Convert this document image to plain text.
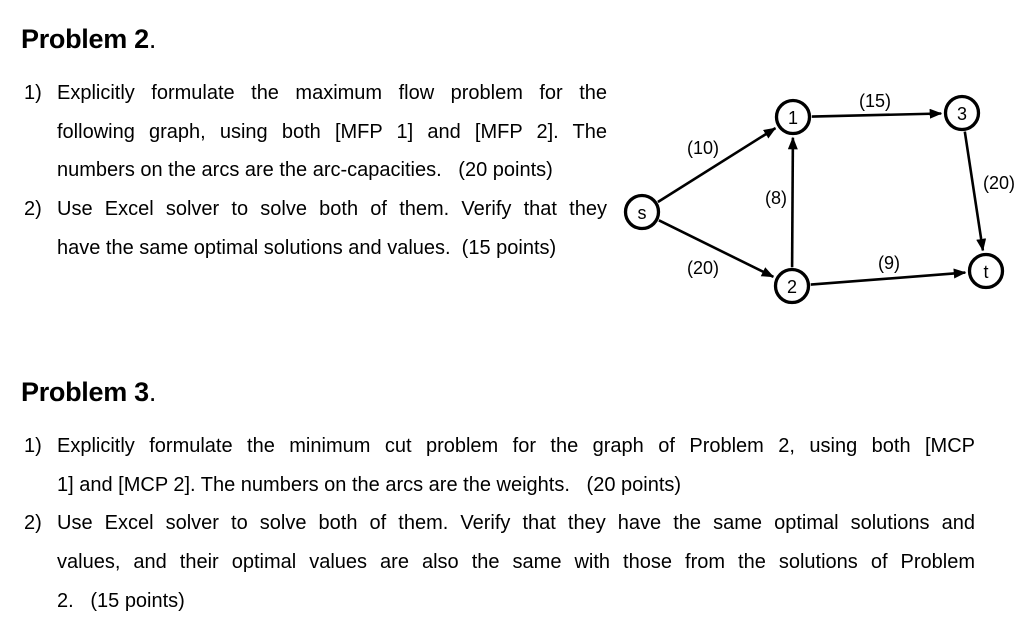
Problem 2.
1) Explicitly formulate the maximum flow problem for the
following graph, using both [MFP 1] and [MFP 2]. The
numbers on the arcs are the arc-capacities.   (20 points)
2) Use Excel solver to solve both of them. Verify that they
have the same optimal solutions and values.  (15 points)
(10)
(20)
(8)
(15)
(20)
(9)
s
1
2
3
t
Problem 3.
1) Explicitly formulate the minimum cut problem for the graph of Problem 2, using both [MCP
1] and [MCP 2]. The numbers on the arcs are the weights.   (20 points)
2) Use Excel solver to solve both of them. Verify that they have the same optimal solutions and
values, and their optimal values are also the same with those from the solutions of Problem
2.   (15 points)
